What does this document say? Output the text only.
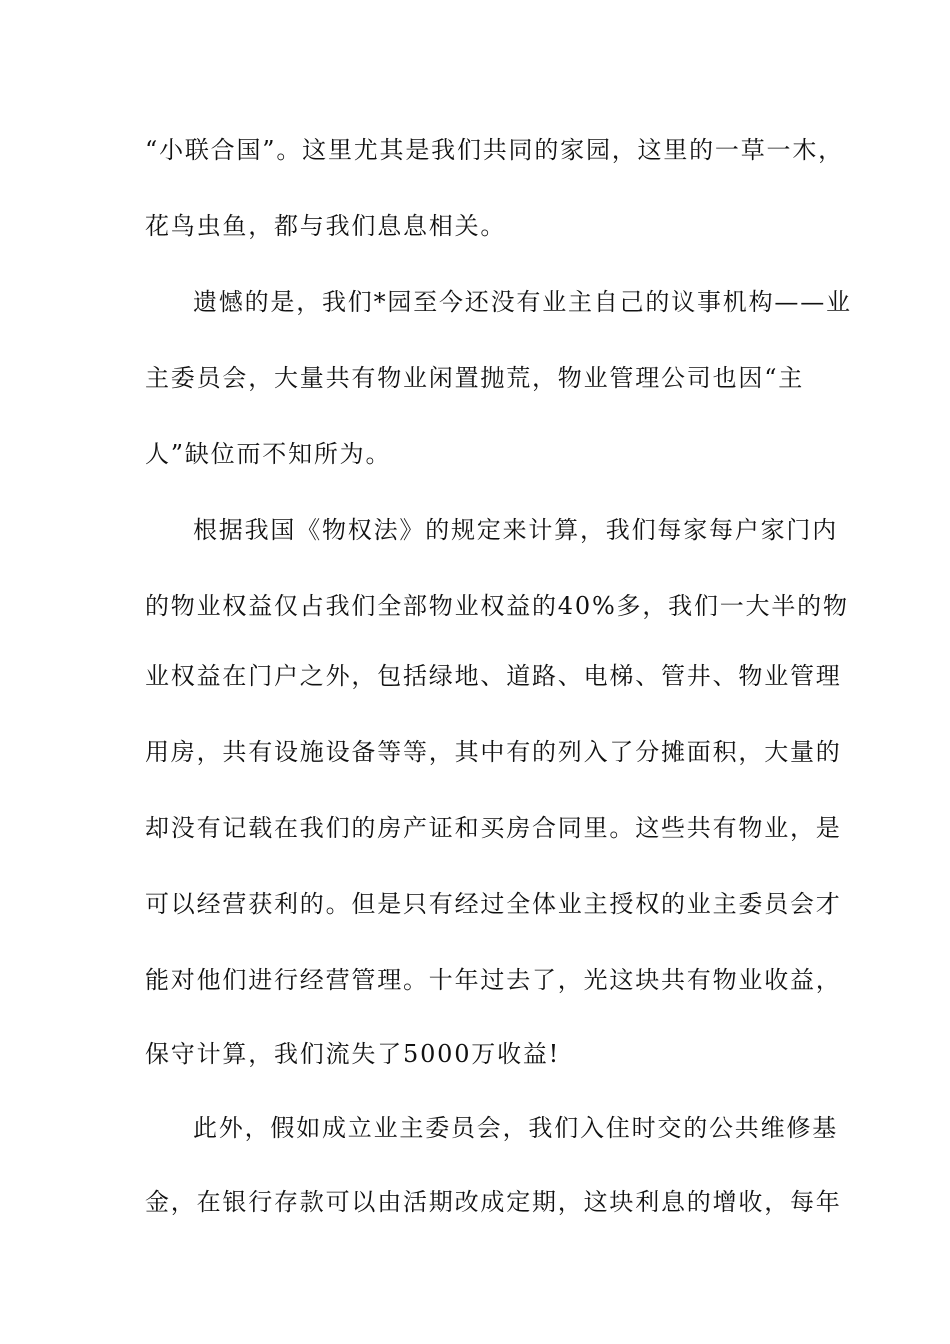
“小联合国”。这里尤其是我们共同的家园，这里的一草一木，
花鸟虫鱼，都与我们息息相关。
遗憾的是，我们*园至今还没有业主自己的议事机构——业
主委员会，大量共有物业闲置抛荒，物业管理公司也因“主
人”缺位而不知所为。
根据我国《物权法》的规定来计算，我们每家每户家门内
的物业权益仅占我们全部物业权益的40%多，我们一大半的物
业权益在门户之外，包括绿地、道路、电梯、管井、物业管理
用房，共有设施设备等等，其中有的列入了分摊面积，大量的
却没有记载在我们的房产证和买房合同里。这些共有物业，是
可以经营获利的。但是只有经过全体业主授权的业主委员会才
能对他们进行经营管理。十年过去了，光这块共有物业收益，
保守计算，我们流失了5000万收益!
此外，假如成立业主委员会，我们入住时交的公共维修基
金，在银行存款可以由活期改成定期，这块利息的增收，每年
